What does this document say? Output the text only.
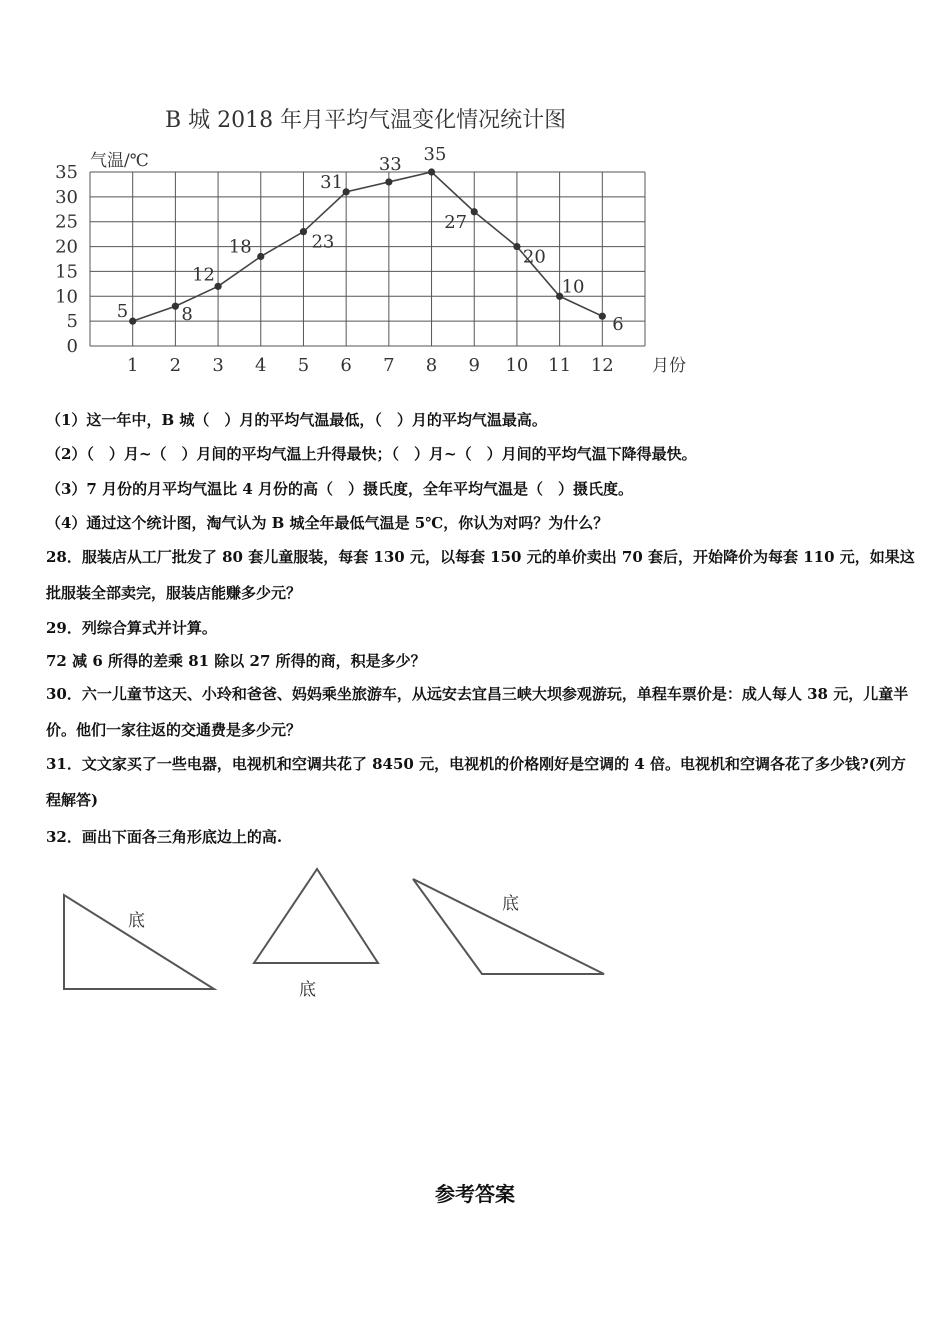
B 城 2018 年月平均气温变化情况统计图
气温/℃
月份
0
5
10
15
20
25
30
35
1 2 3 4 5 6 7 8 9 10 11 12
5	8
12
18	23
31
33 35
27
20
10
6
（1）这一年中，B 城（　）月的平均气温最低，（　）月的平均气温最高。
（2）（　）月~（　）月间的平均气温上升得最快；（　）月~（　）月间的平均气温下降得最快。
（3）7 月份的月平均气温比 4 月份的高（　）摄氏度，全年平均气温是（　）摄氏度。
（4）通过这个统计图，淘气认为 B 城全年最低气温是 5℃，你认为对吗？为什么？
28．服装店从工厂批发了 80 套儿童服装，每套 130 元，以每套 150 元的单价卖出 70 套后，开始降价为每套 110 元，如果这批服装全部卖完，服装店能赚多少元？
29．列综合算式并计算。
72 减 6 所得的差乘 81 除以 27 所得的商，积是多少？
30．六一儿童节这天、小玲和爸爸、妈妈乘坐旅游车，从远安去宜昌三峡大坝参观游玩，单程车票价是：成人每人 38 元，儿童半价。他们一家往返的交通费是多少元？
31．文文家买了一些电器，电视机和空调共花了 8450 元，电视机的价格刚好是空调的 4 倍。电视机和空调各花了多少钱?(列方程解答)
32．画出下面各三角形底边上的高.
底
底
底
参考答案
